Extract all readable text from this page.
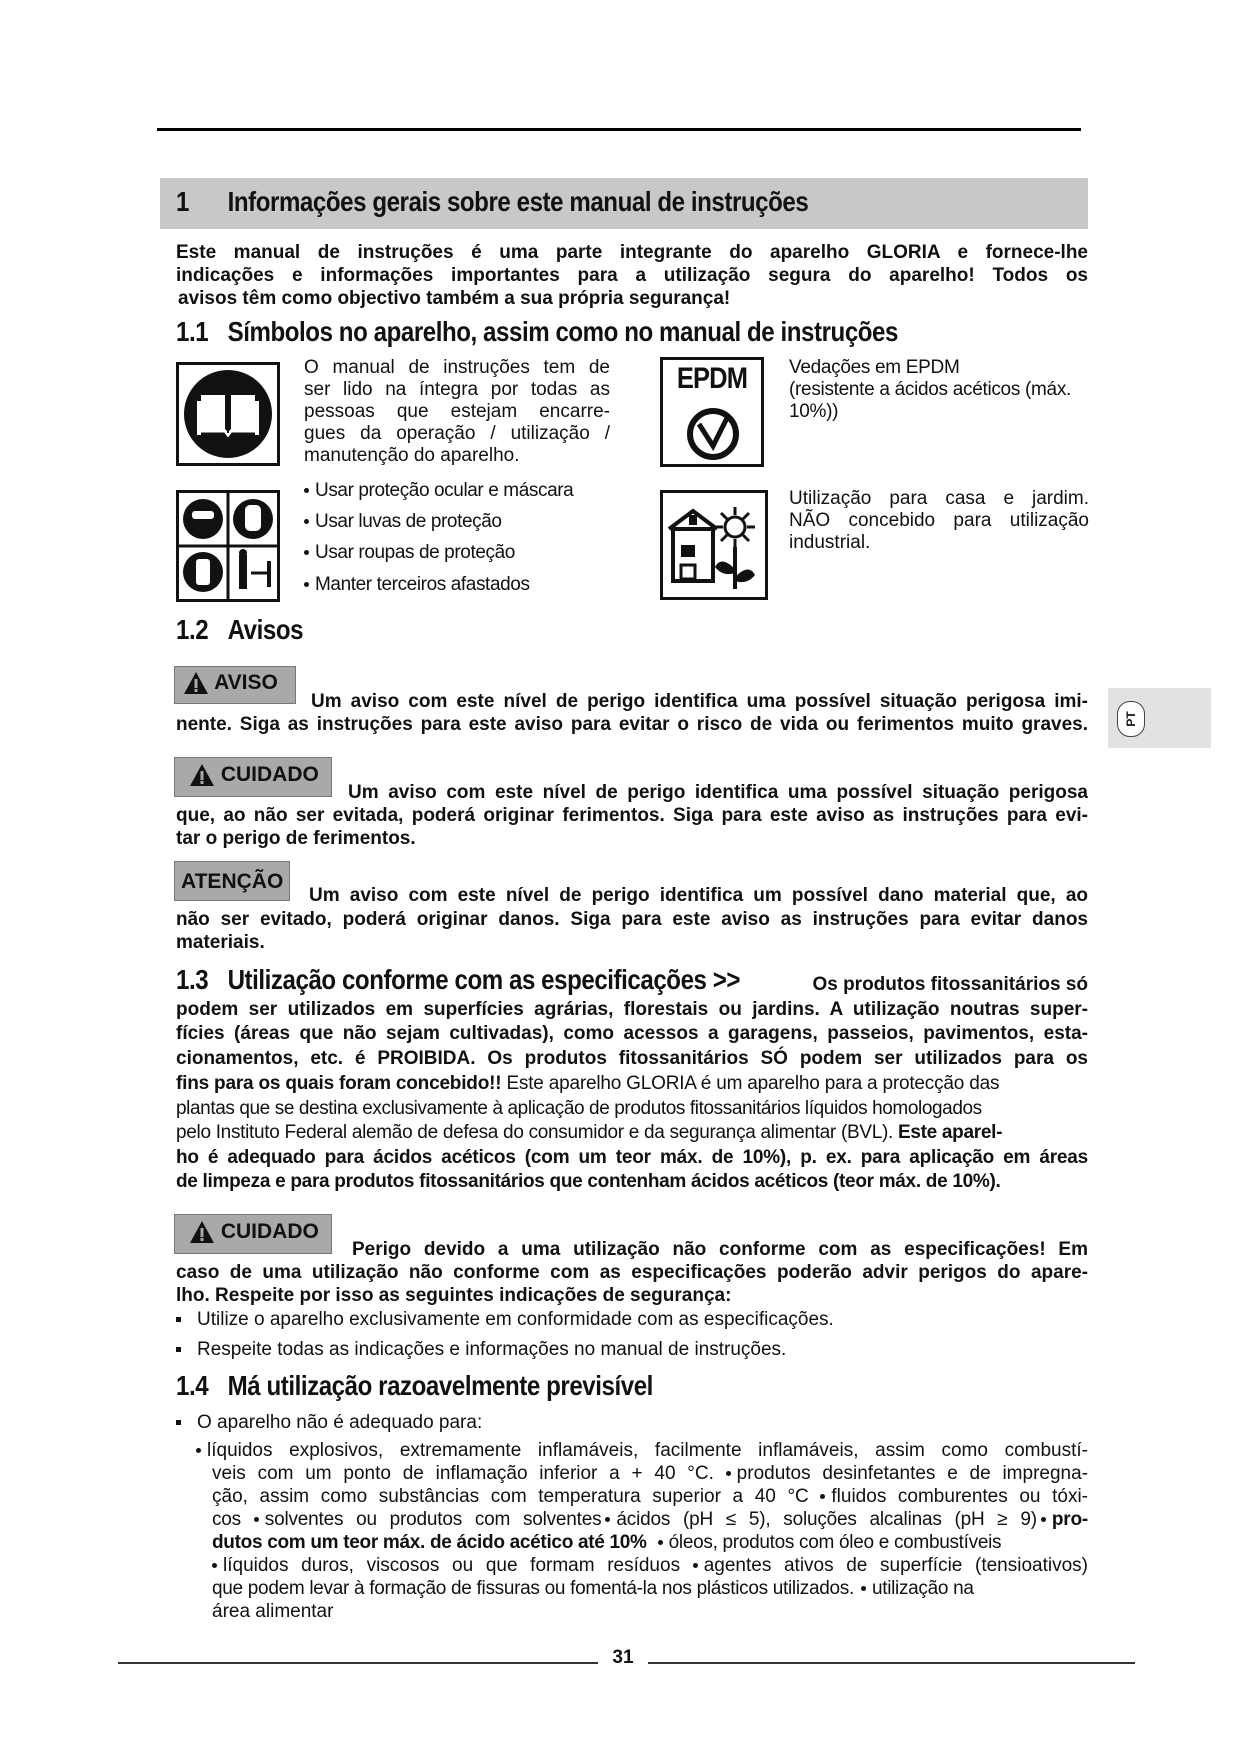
PT
1 Informações gerais sobre este manual de instruções
Este manual de instruções é uma parte integrante do aparelho GLORIA e fornece-lhe
indicações e informações importantes para a utilização segura do aparelho! Todos os
avisos têm como objectivo também a sua própria segurança!
1.1 Símbolos no aparelho, assim como no manual de instruções
O manual de instruções tem de
ser lido na íntegra por todas as
pessoas que estejam encarre-
gues da operação / utilização /
manutenção do aparelho.
EPDM	Vedações em EPDM
(resistente a ácidos acéticos (máx.
10%))
Usar proteção ocular e máscara
Usar luvas de proteção
Usar roupas de proteção
Manter terceiros afastados
Utilização para casa e jardim.
NÃO concebido para utilização
industrial.
1.2 Avisos
AVISO
Um aviso com este nível de perigo identifica uma possível situação perigosa imi-
nente. Siga as instruções para este aviso para evitar o risco de vida ou ferimentos muito graves.
CUIDADO
Um aviso com este nível de perigo identifica uma possível situação perigosa
que, ao não ser evitada, poderá originar ferimentos. Siga para este aviso as instruções para evi-
tar o perigo de ferimentos.
ATENÇÃO
Um aviso com este nível de perigo identifica um possível dano material que, ao
não ser evitado, poderá originar danos. Siga para este aviso as instruções para evitar danos
materiais.
1.3 Utilização conforme com as especificações >>	Os produtos fitossanitários só
podem ser utilizados em superfícies agrárias, florestais ou jardins. A utilização noutras super-
fícies (áreas que não sejam cultivadas), como acessos a garagens, passeios, pavimentos, esta-
cionamentos, etc. é PROIBIDA. Os produtos fitossanitários SÓ podem ser utilizados para os
fins para os quais foram concebido!! Este aparelho GLORIA é um aparelho para a protecção das
plantas que se destina exclusivamente à aplicação de produtos fitossanitários líquidos homologados
pelo Instituto Federal alemão de defesa do consumidor e da segurança alimentar (BVL). Este aparel-
ho é adequado para ácidos acéticos (com um teor máx. de 10%), p. ex. para aplicação em áreas
de limpeza e para produtos fitossanitários que contenham ácidos acéticos (teor máx. de 10%).
CUIDADO
Perigo devido a uma utilização não conforme com as especificações! Em
caso de uma utilização não conforme com as especificações poderão advir perigos do apare-
lho. Respeite por isso as seguintes indicações de segurança:
Utilize o aparelho exclusivamente em conformidade com as especificações.
Respeite todas as indicações e informações no manual de instruções.
1.4 Má utilização razoavelmente previsível
O aparelho não é adequado para:
líquidos explosivos, extremamente inflamáveis, facilmente inflamáveis, assim como combustí-
veis com um ponto de inflamação inferior a + 40 °C. produtos desinfetantes e de impregna-
ção, assim como substâncias com temperatura superior a 40 °C fluidos comburentes ou tóxi-
cos solventes ou produtos com solventes ácidos (pH ≤ 5), soluções alcalinas (pH ≥ 9) pro-
dutos com um teor máx. de ácido acético até 10% óleos, produtos com óleo e combustíveis
líquidos duros, viscosos ou que formam resíduos agentes ativos de superfície (tensioativos)
que podem levar à formação de fissuras ou fomentá-la nos plásticos utilizados. utilização na
área alimentar
31
